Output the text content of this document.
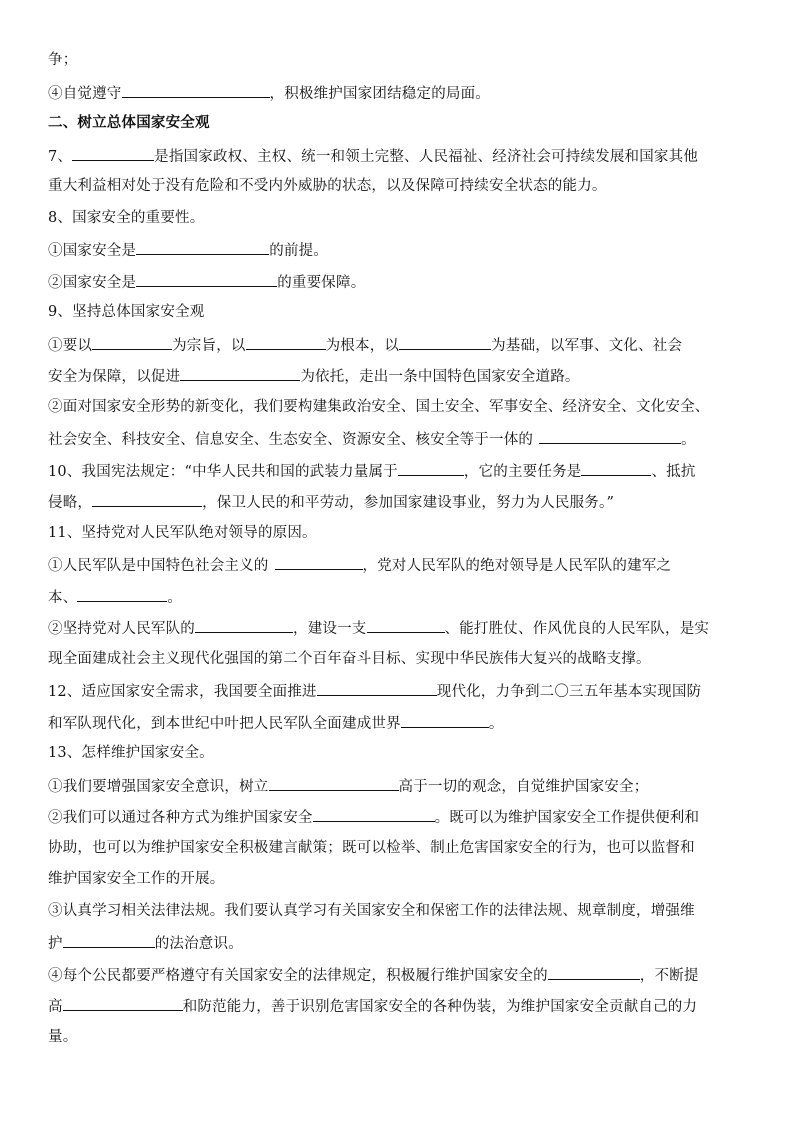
争；
④自觉遵守	，积极维护国家团结稳定的局面。
二、树立总体国家安全观
7、	是指国家政权、主权、统一和领土完整、人民福祉、经济社会可持续发展和国家其他
重大利益相对处于没有危险和不受内外威胁的状态，以及保障可持续安全状态的能力。
8、国家安全的重要性。
①国家安全是	的前提。
②国家安全是	的重要保障。
9、坚持总体国家安全观
①要以	为宗旨，以	为根本，以	为基础，以军事、文化、社会
安全为保障，以促进	为依托，走出一条中国特色国家安全道路。
②面对国家安全形势的新变化，我们要构建集政治安全、国土安全、军事安全、经济安全、文化安全、
社会安全、科技安全、信息安全、生态安全、资源安全、核安全等于一体的	。
10、我国宪法规定：“中华人民共和国的武装力量属于	，它的主要任务是	、抵抗
侵略，	，保卫人民的和平劳动，参加国家建设事业，努力为人民服务。”
11、坚持党对人民军队绝对领导的原因。
①人民军队是中国特色社会主义的	，党对人民军队的绝对领导是人民军队的建军之
本、	。
②坚持党对人民军队的	，建设一支	、能打胜仗、作风优良的人民军队，是实
现全面建成社会主义现代化强国的第二个百年奋斗目标、实现中华民族伟大复兴的战略支撑。
12、适应国家安全需求，我国要全面推进	现代化，力争到二〇三五年基本实现国防
和军队现代化，到本世纪中叶把人民军队全面建成世界	。
13、怎样维护国家安全。
①我们要增强国家安全意识，树立	高于一切的观念，自觉维护国家安全；
②我们可以通过各种方式为维护国家安全	。既可以为维护国家安全工作提供便利和
协助，也可以为维护国家安全积极建言献策；既可以检举、制止危害国家安全的行为，也可以监督和
维护国家安全工作的开展。
③认真学习相关法律法规。我们要认真学习有关国家安全和保密工作的法律法规、规章制度，增强维
护	的法治意识。
④每个公民都要严格遵守有关国家安全的法律规定，积极履行维护国家安全的	，不断提
高	和防范能力，善于识别危害国家安全的各种伪装，为维护国家安全贡献自己的力
量。
